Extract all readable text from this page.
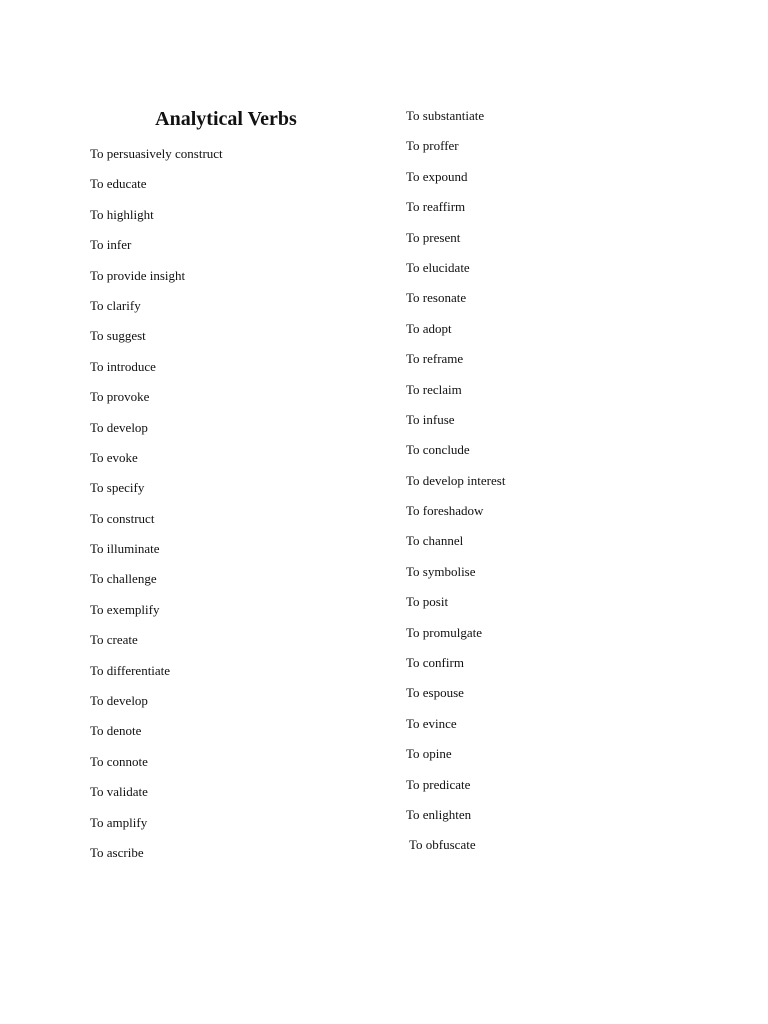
Analytical Verbs
To persuasively construct
To educate
To highlight
To infer
To provide insight
To clarify
To suggest
To introduce
To provoke
To develop
To evoke
To specify
To construct
To illuminate
To challenge
To exemplify
To create
To differentiate
To develop
To denote
To connote
To validate
To amplify
To ascribe
To substantiate
To proffer
To expound
To reaffirm
To present
To elucidate
To resonate
To adopt
To reframe
To reclaim
To infuse
To conclude
To develop interest
To foreshadow
To channel
To symbolise
To posit
To promulgate
To confirm
To espouse
To evince
To opine
To predicate
To enlighten
To obfuscate
